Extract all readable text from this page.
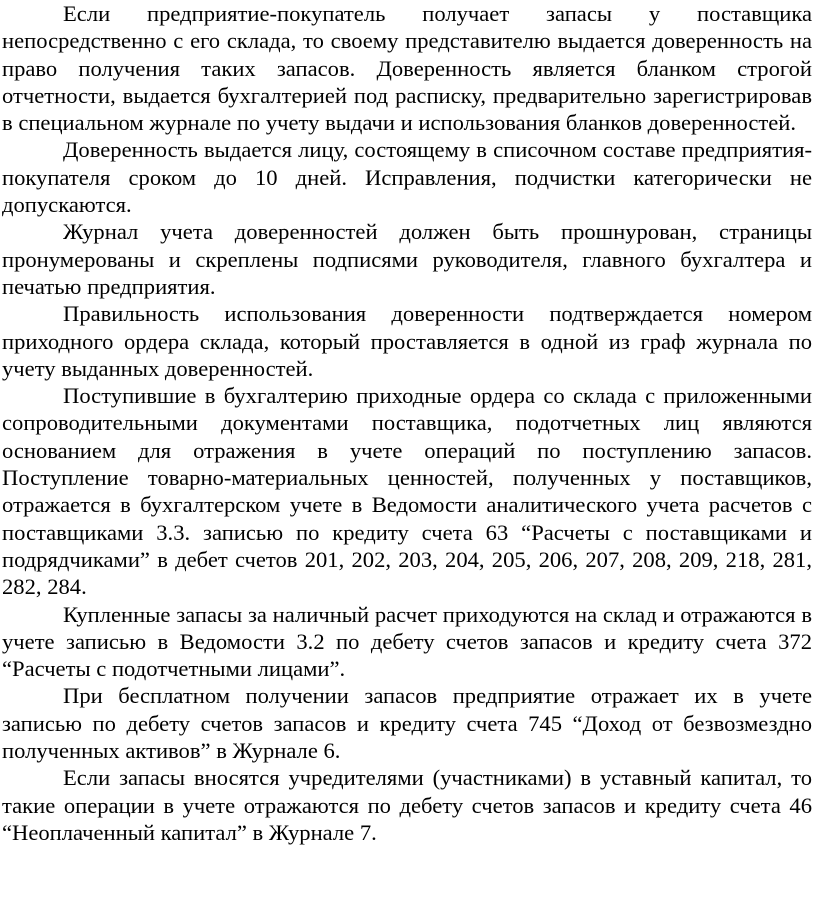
Если предприятие-покупатель получает запасы у поставщика непосредственно с его склада, то своему представителю выдается доверенность на право получения таких запасов. Доверенность является бланком строгой отчетности, выдается бухгалтерией под расписку, предварительно зарегистрировав в специальном журнале по учету выдачи и использования бланков доверенностей.

Доверенность выдается лицу, состоящему в списочном составе предприятия-покупателя сроком до 10 дней. Исправления, подчистки категорически не допускаются.

Журнал учета доверенностей должен быть прошнурован, страницы пронумерованы и скреплены подписями руководителя, главного бухгалтера и печатью предприятия.

Правильность использования доверенности подтверждается номером приходного ордера склада, который проставляется в одной из граф журнала по учету выданных доверенностей.

Поступившие в бухгалтерию приходные ордера со склада с приложенными сопроводительными документами поставщика, подотчетных лиц являются основанием для отражения в учете операций по поступлению запасов. Поступление товарно-материальных ценностей, полученных у поставщиков, отражается в бухгалтерском учете в Ведомости аналитического учета расчетов с поставщиками 3.3. записью по кредиту счета 63 “Расчеты с поставщиками и подрядчиками” в дебет счетов 201, 202, 203, 204, 205, 206, 207, 208, 209, 218, 281, 282, 284.

Купленные запасы за наличный расчет приходуются на склад и отражаются в учете записью в Ведомости 3.2 по дебету счетов запасов и кредиту счета 372 “Расчеты с подотчетными лицами”.

При бесплатном получении запасов предприятие отражает их в учете записью по дебету счетов запасов и кредиту счета 745 “Доход от безвозмездно полученных активов” в Журнале 6.

Если запасы вносятся учредителями (участниками) в уставный капитал, то такие операции в учете отражаются по дебету счетов запасов и кредиту счета 46 “Неоплаченный капитал” в Журнале 7.
